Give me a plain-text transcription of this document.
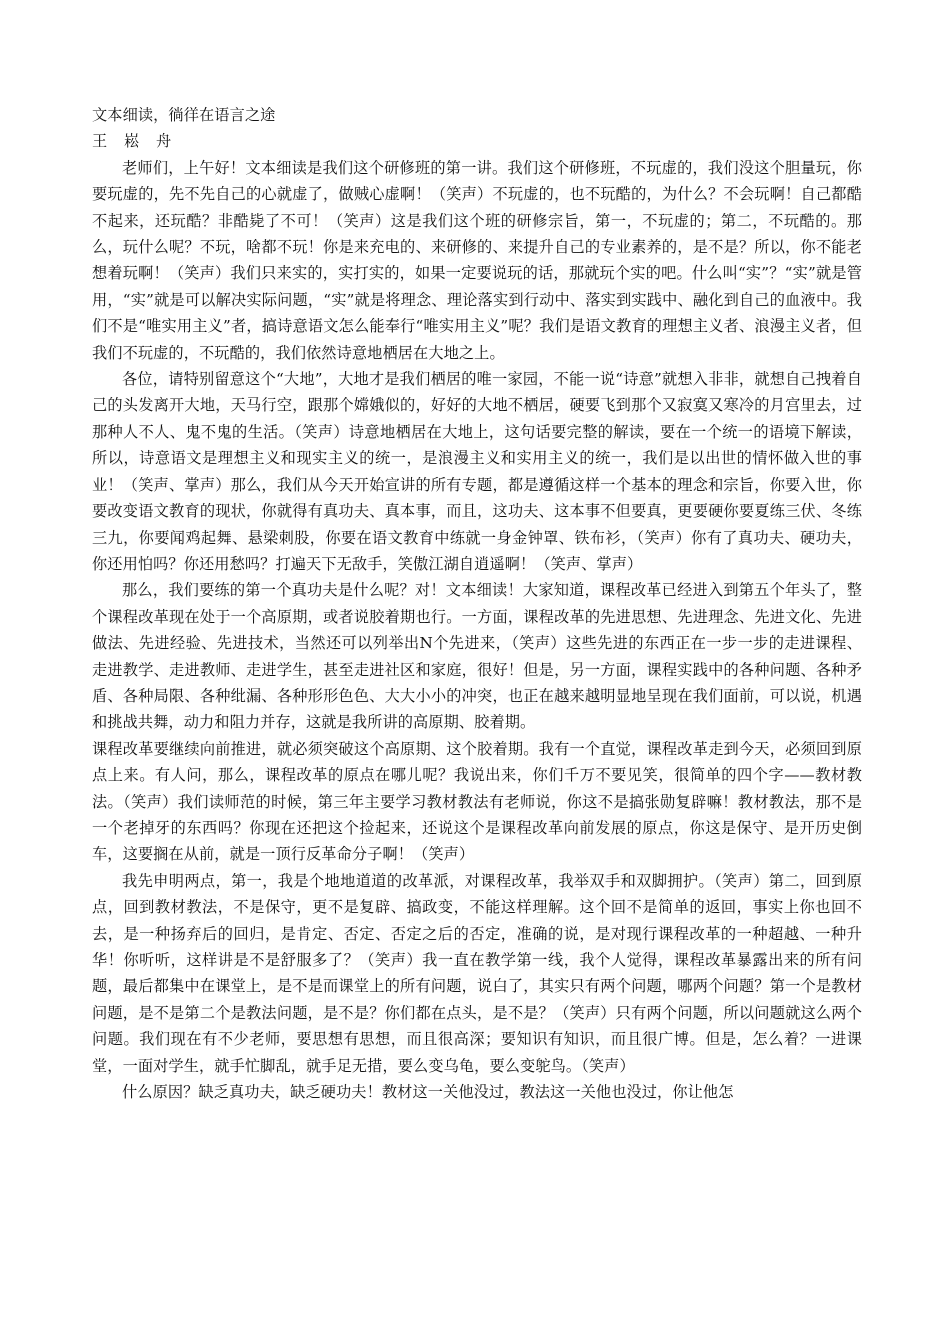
文本细读，徜徉在语言之途

王 崧 舟

老师们，上午好！文本细读是我们这个研修班的第一讲。我们这个研修班，不玩虚的，我们没这个胆量玩，你要玩虚的，先不先自己的心就虚了，做贼心虚啊！（笑声）不玩虚的，也不玩酷的，为什么？不会玩啊！自己都酷不起来，还玩酷？非酷毙了不可！（笑声）这是我们这个班的研修宗旨，第一，不玩虚的；第二，不玩酷的。那么，玩什么呢？不玩，啥都不玩！你是来充电的、来研修的、来提升自己的专业素养的，是不是？所以，你不能老想着玩啊！（笑声）我们只来实的，实打实的，如果一定要说玩的话，那就玩个实的吧。什么叫“实”？“实”就是管用，“实”就是可以解决实际问题，“实”就是将理念、理论落实到行动中、落实到实践中、融化到自己的血液中。我们不是“唯实用主义”者，搞诗意语文怎么能奉行“唯实用主义”呢？我们是语文教育的理想主义者、浪漫主义者，但我们不玩虚的，不玩酷的，我们依然诗意地栖居在大地之上。

各位，请特别留意这个“大地”，大地才是我们栖居的唯一家园，不能一说“诗意”就想入非非，就想自己拽着自己的头发离开大地，天马行空，跟那个嫦娥似的，好好的大地不栖居，硬要飞到那个又寂寞又寒冷的月宫里去，过那种人不人、鬼不鬼的生活。（笑声）诗意地栖居在大地上，这句话要完整的解读，要在一个统一的语境下解读，所以，诗意语文是理想主义和现实主义的统一，是浪漫主义和实用主义的统一，我们是以出世的情怀做入世的事业！（笑声、掌声）那么，我们从今天开始宣讲的所有专题，都是遵循这样一个基本的理念和宗旨，你要入世，你要改变语文教育的现状，你就得有真功夫、真本事，而且，这功夫、这本事不但要真，更要硬你要夏练三伏、冬练三九，你要闻鸡起舞、悬梁刺股，你要在语文教育中练就一身金钟罩、铁布衫，（笑声）你有了真功夫、硬功夫，你还用怕吗？你还用愁吗？打遍天下无敌手，笑傲江湖自逍遥啊！（笑声、掌声）

那么，我们要练的第一个真功夫是什么呢？对！文本细读！大家知道，课程改革已经进入到第五个年头了，整个课程改革现在处于一个高原期，或者说胶着期也行。一方面，课程改革的先进思想、先进理念、先进文化、先进做法、先进经验、先进技术，当然还可以列举出N个先进来，（笑声）这些先进的东西正在一步一步的走进课程、走进教学、走进教师、走进学生，甚至走进社区和家庭，很好！但是，另一方面，课程实践中的各种问题、各种矛盾、各种局限、各种纰漏、各种形形色色、大大小小的冲突，也正在越来越明显地呈现在我们面前，可以说，机遇和挑战共舞，动力和阻力并存，这就是我所讲的高原期、胶着期。

课程改革要继续向前推进，就必须突破这个高原期、这个胶着期。我有一个直觉，课程改革走到今天，必须回到原点上来。有人问，那么，课程改革的原点在哪儿呢？我说出来，你们千万不要见笑，很简单的四个字——教材教法。（笑声）我们读师范的时候，第三年主要学习教材教法有老师说，你这不是搞张勋复辟嘛！教材教法，那不是一个老掉牙的东西吗？你现在还把这个捡起来，还说这个是课程改革向前发展的原点，你这是保守、是开历史倒车，这要搁在从前，就是一顶行反革命分子啊！（笑声）

我先申明两点，第一，我是个地地道道的改革派，对课程改革，我举双手和双脚拥护。（笑声）第二，回到原点，回到教材教法，不是保守，更不是复辟、搞政变，不能这样理解。这个回不是简单的返回，事实上你也回不去，是一种扬弃后的回归，是肯定、否定、否定之后的否定，准确的说，是对现行课程改革的一种超越、一种升华！你听听，这样讲是不是舒服多了？（笑声）我一直在教学第一线，我个人觉得，课程改革暴露出来的所有问题，最后都集中在课堂上，是不是而课堂上的所有问题，说白了，其实只有两个问题，哪两个问题？第一个是教材问题，是不是第二个是教法问题，是不是？你们都在点头，是不是？（笑声）只有两个问题，所以问题就这么两个问题。我们现在有不少老师，要思想有思想，而且很高深；要知识有知识，而且很广博。但是，怎么着？一进课堂，一面对学生，就手忙脚乱，就手足无措，要么变乌龟，要么变鸵鸟。（笑声）

什么原因？缺乏真功夫，缺乏硬功夫！教材这一关他没过，教法这一关他也没过，你让他怎
